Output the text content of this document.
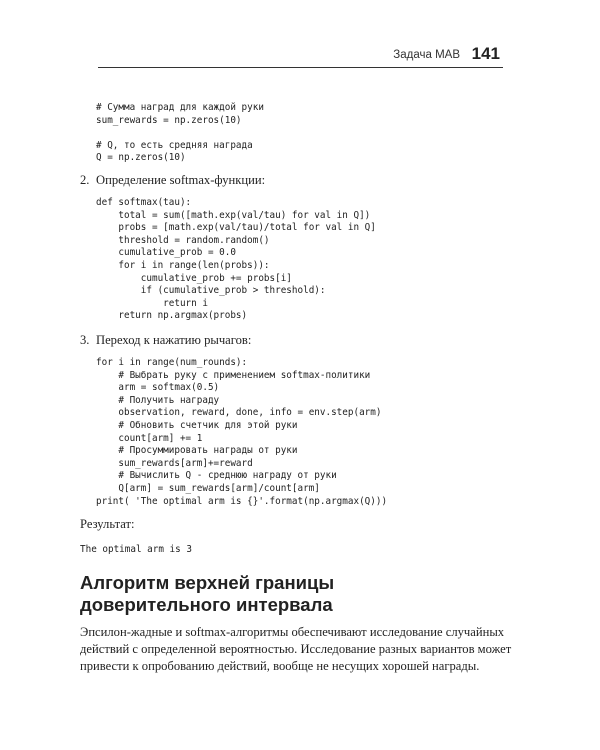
Задача MAB 141
# Сумма наград для каждой руки
sum_rewards = np.zeros(10)

# Q, то есть средняя награда
Q = np.zeros(10)
2. Определение softmax-функции:
def softmax(tau):
total = sum([math.exp(val/tau) for val in Q])
probs = [math.exp(val/tau)/total for val in Q]
threshold = random.random()
cumulative_prob = 0.0
for i in range(len(probs)):
cumulative_prob += probs[i]
if (cumulative_prob > threshold):
return i
return np.argmax(probs)
3. Переход к нажатию рычагов:
for i in range(num_rounds):
# Выбрать руку с применением softmax-политики
arm = softmax(0.5)
# Получить награду
observation, reward, done, info = env.step(arm)
# Обновить счетчик для этой руки
count[arm] += 1
# Просуммировать награды от руки
sum_rewards[arm]+=reward
# Вычислить Q - среднюю награду от руки
Q[arm] = sum_rewards[arm]/count[arm]
print( 'The optimal arm is {}'.format(np.argmax(Q)))
Результат:
The optimal arm is 3
Алгоритм верхней границы
доверительного интервала

Эпсилон-жадные и softmax-алгоритмы обеспечивают исследование случайных действий с определенной вероятностью. Исследование разных вариантов может привести к опробованию действий, вообще не несущих хорошей награды.
